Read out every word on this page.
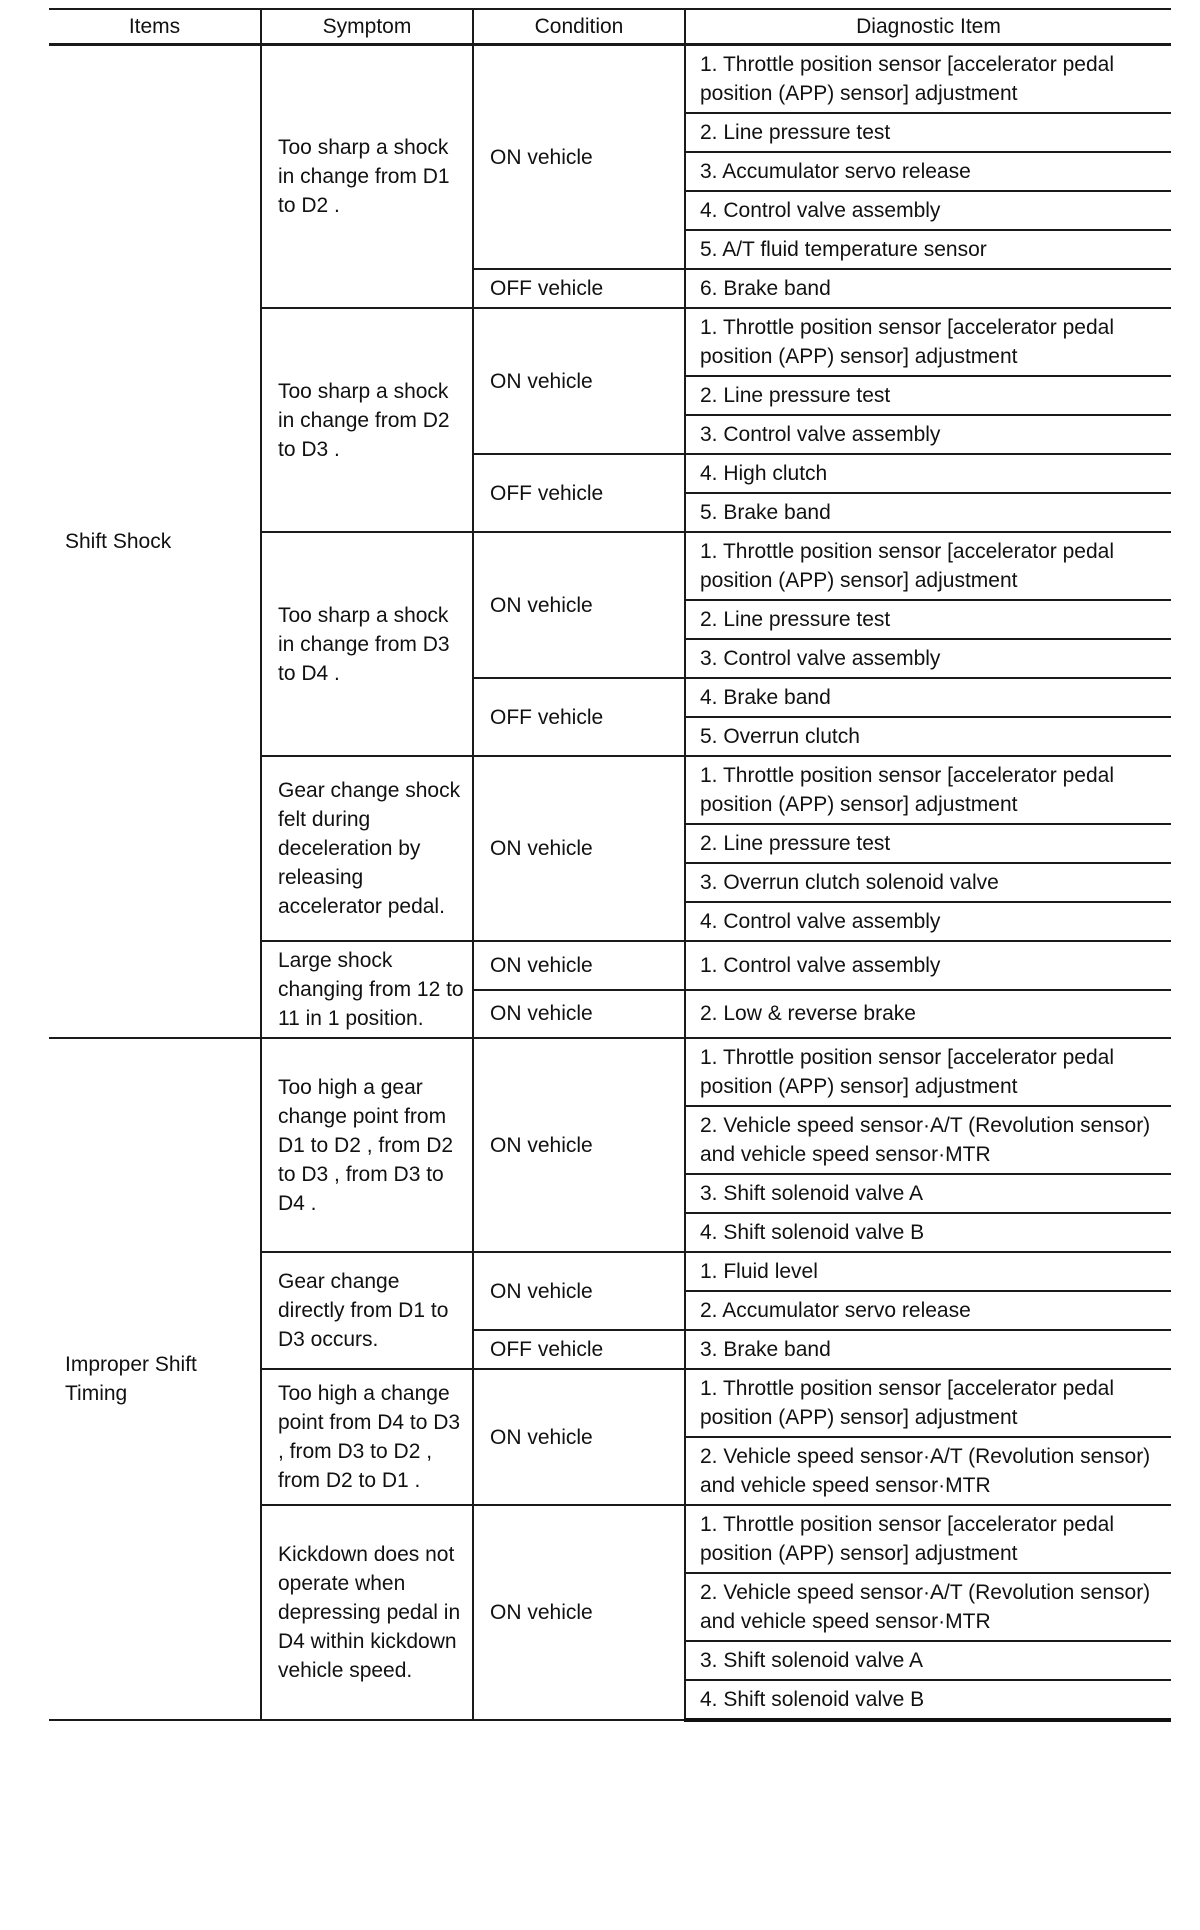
Items	Symptom	Condition	Diagnostic Item
Shift Shock	Too sharp a shock in change from D1 to D2 .	ON vehicle	1. Throttle position sensor [accelerator pedal position (APP) sensor] adjustment
			2. Line pressure test
			3. Accumulator servo release
			4. Control valve assembly
			5. A/T fluid temperature sensor
		OFF vehicle	6. Brake band
	Too sharp a shock in change from D2 to D3 .	ON vehicle	1. Throttle position sensor [accelerator pedal position (APP) sensor] adjustment
			2. Line pressure test
			3. Control valve assembly
		OFF vehicle	4. High clutch
			5. Brake band
	Too sharp a shock in change from D3 to D4 .	ON vehicle	1. Throttle position sensor [accelerator pedal position (APP) sensor] adjustment
			2. Line pressure test
			3. Control valve assembly
		OFF vehicle	4. Brake band
			5. Overrun clutch
	Gear change shock felt during deceleration by releasing accelerator pedal.	ON vehicle	1. Throttle position sensor [accelerator pedal position (APP) sensor] adjustment
			2. Line pressure test
			3. Overrun clutch solenoid valve
			4. Control valve assembly
	Large shock changing from 12 to 11 in 1 position.	ON vehicle	1. Control valve assembly
		ON vehicle	2. Low & reverse brake
Improper Shift Timing	Too high a gear change point from D1 to D2 , from D2 to D3 , from D3 to D4 .	ON vehicle	1. Throttle position sensor [accelerator pedal position (APP) sensor] adjustment
			2. Vehicle speed sensor·A/T (Revolution sensor) and vehicle speed sensor·MTR
			3. Shift solenoid valve A
			4. Shift solenoid valve B
	Gear change directly from D1 to D3 occurs.	ON vehicle	1. Fluid level
			2. Accumulator servo release
		OFF vehicle	3. Brake band
	Too high a change point from D4 to D3 , from D3 to D2 , from D2 to D1 .	ON vehicle	1. Throttle position sensor [accelerator pedal position (APP) sensor] adjustment
			2. Vehicle speed sensor·A/T (Revolution sensor) and vehicle speed sensor·MTR
	Kickdown does not operate when depressing pedal in D4 within kickdown vehicle speed.	ON vehicle	1. Throttle position sensor [accelerator pedal position (APP) sensor] adjustment
			2. Vehicle speed sensor·A/T (Revolution sensor) and vehicle speed sensor·MTR
			3. Shift solenoid valve A
			4. Shift solenoid valve B
